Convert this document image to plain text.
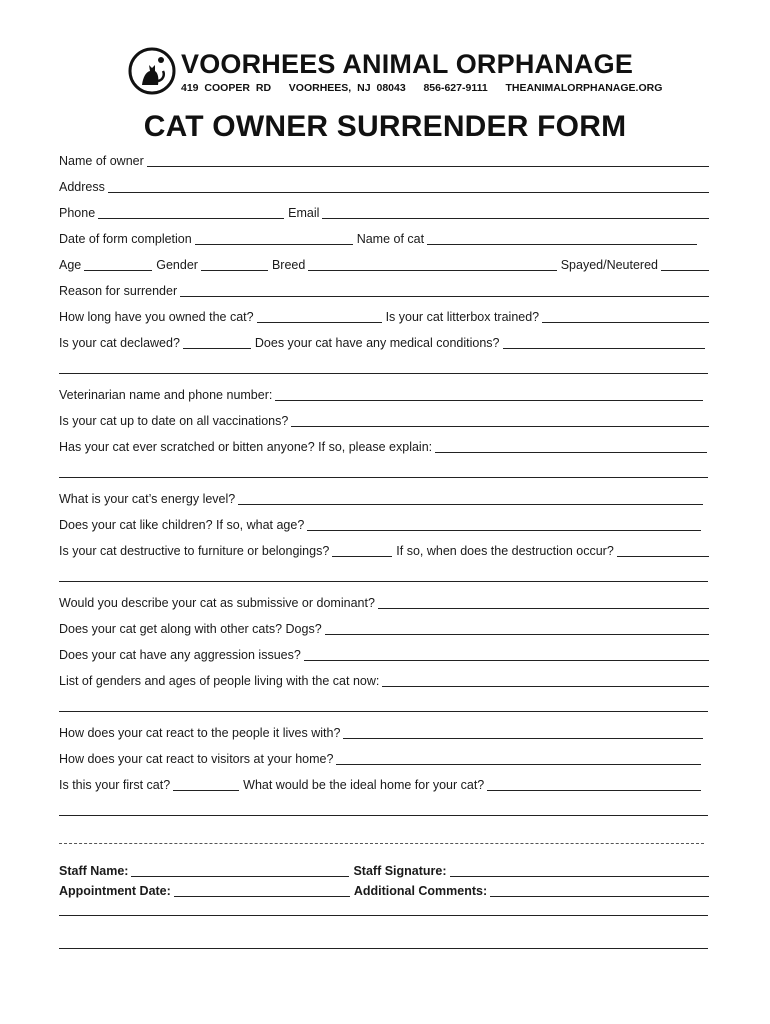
VOORHEES ANIMAL ORPHANAGE
419 COOPER RD VOORHEES, NJ 08043 856-627-9111 THEANIMALORPHANAGE.ORG
CAT OWNER SURRENDER FORM
Name of owner
Address
Phone	Email
Date of form completion	Name of cat
Age	Gender	Breed	Spayed/Neutered
Reason for surrender
How long have you owned the cat?	Is your cat litterbox trained?
Is your cat declawed?	Does your cat have any medical conditions?
Veterinarian name and phone number:
Is your cat up to date on all vaccinations?
Has your cat ever scratched or bitten anyone? If so, please explain:
What is your cat’s energy level?
Does your cat like children? If so, what age?
Is your cat destructive to furniture or belongings?	If so, when does the destruction occur?
Would you describe your cat as submissive or dominant?
Does your cat get along with other cats? Dogs?
Does your cat have any aggression issues?
List of genders and ages of people living with the cat now:
How does your cat react to the people it lives with?
How does your cat react to visitors at your home?
Is this your first cat?	What would be the ideal home for your cat?
Staff Name:	Staff Signature:
Appointment Date:	Additional Comments:
